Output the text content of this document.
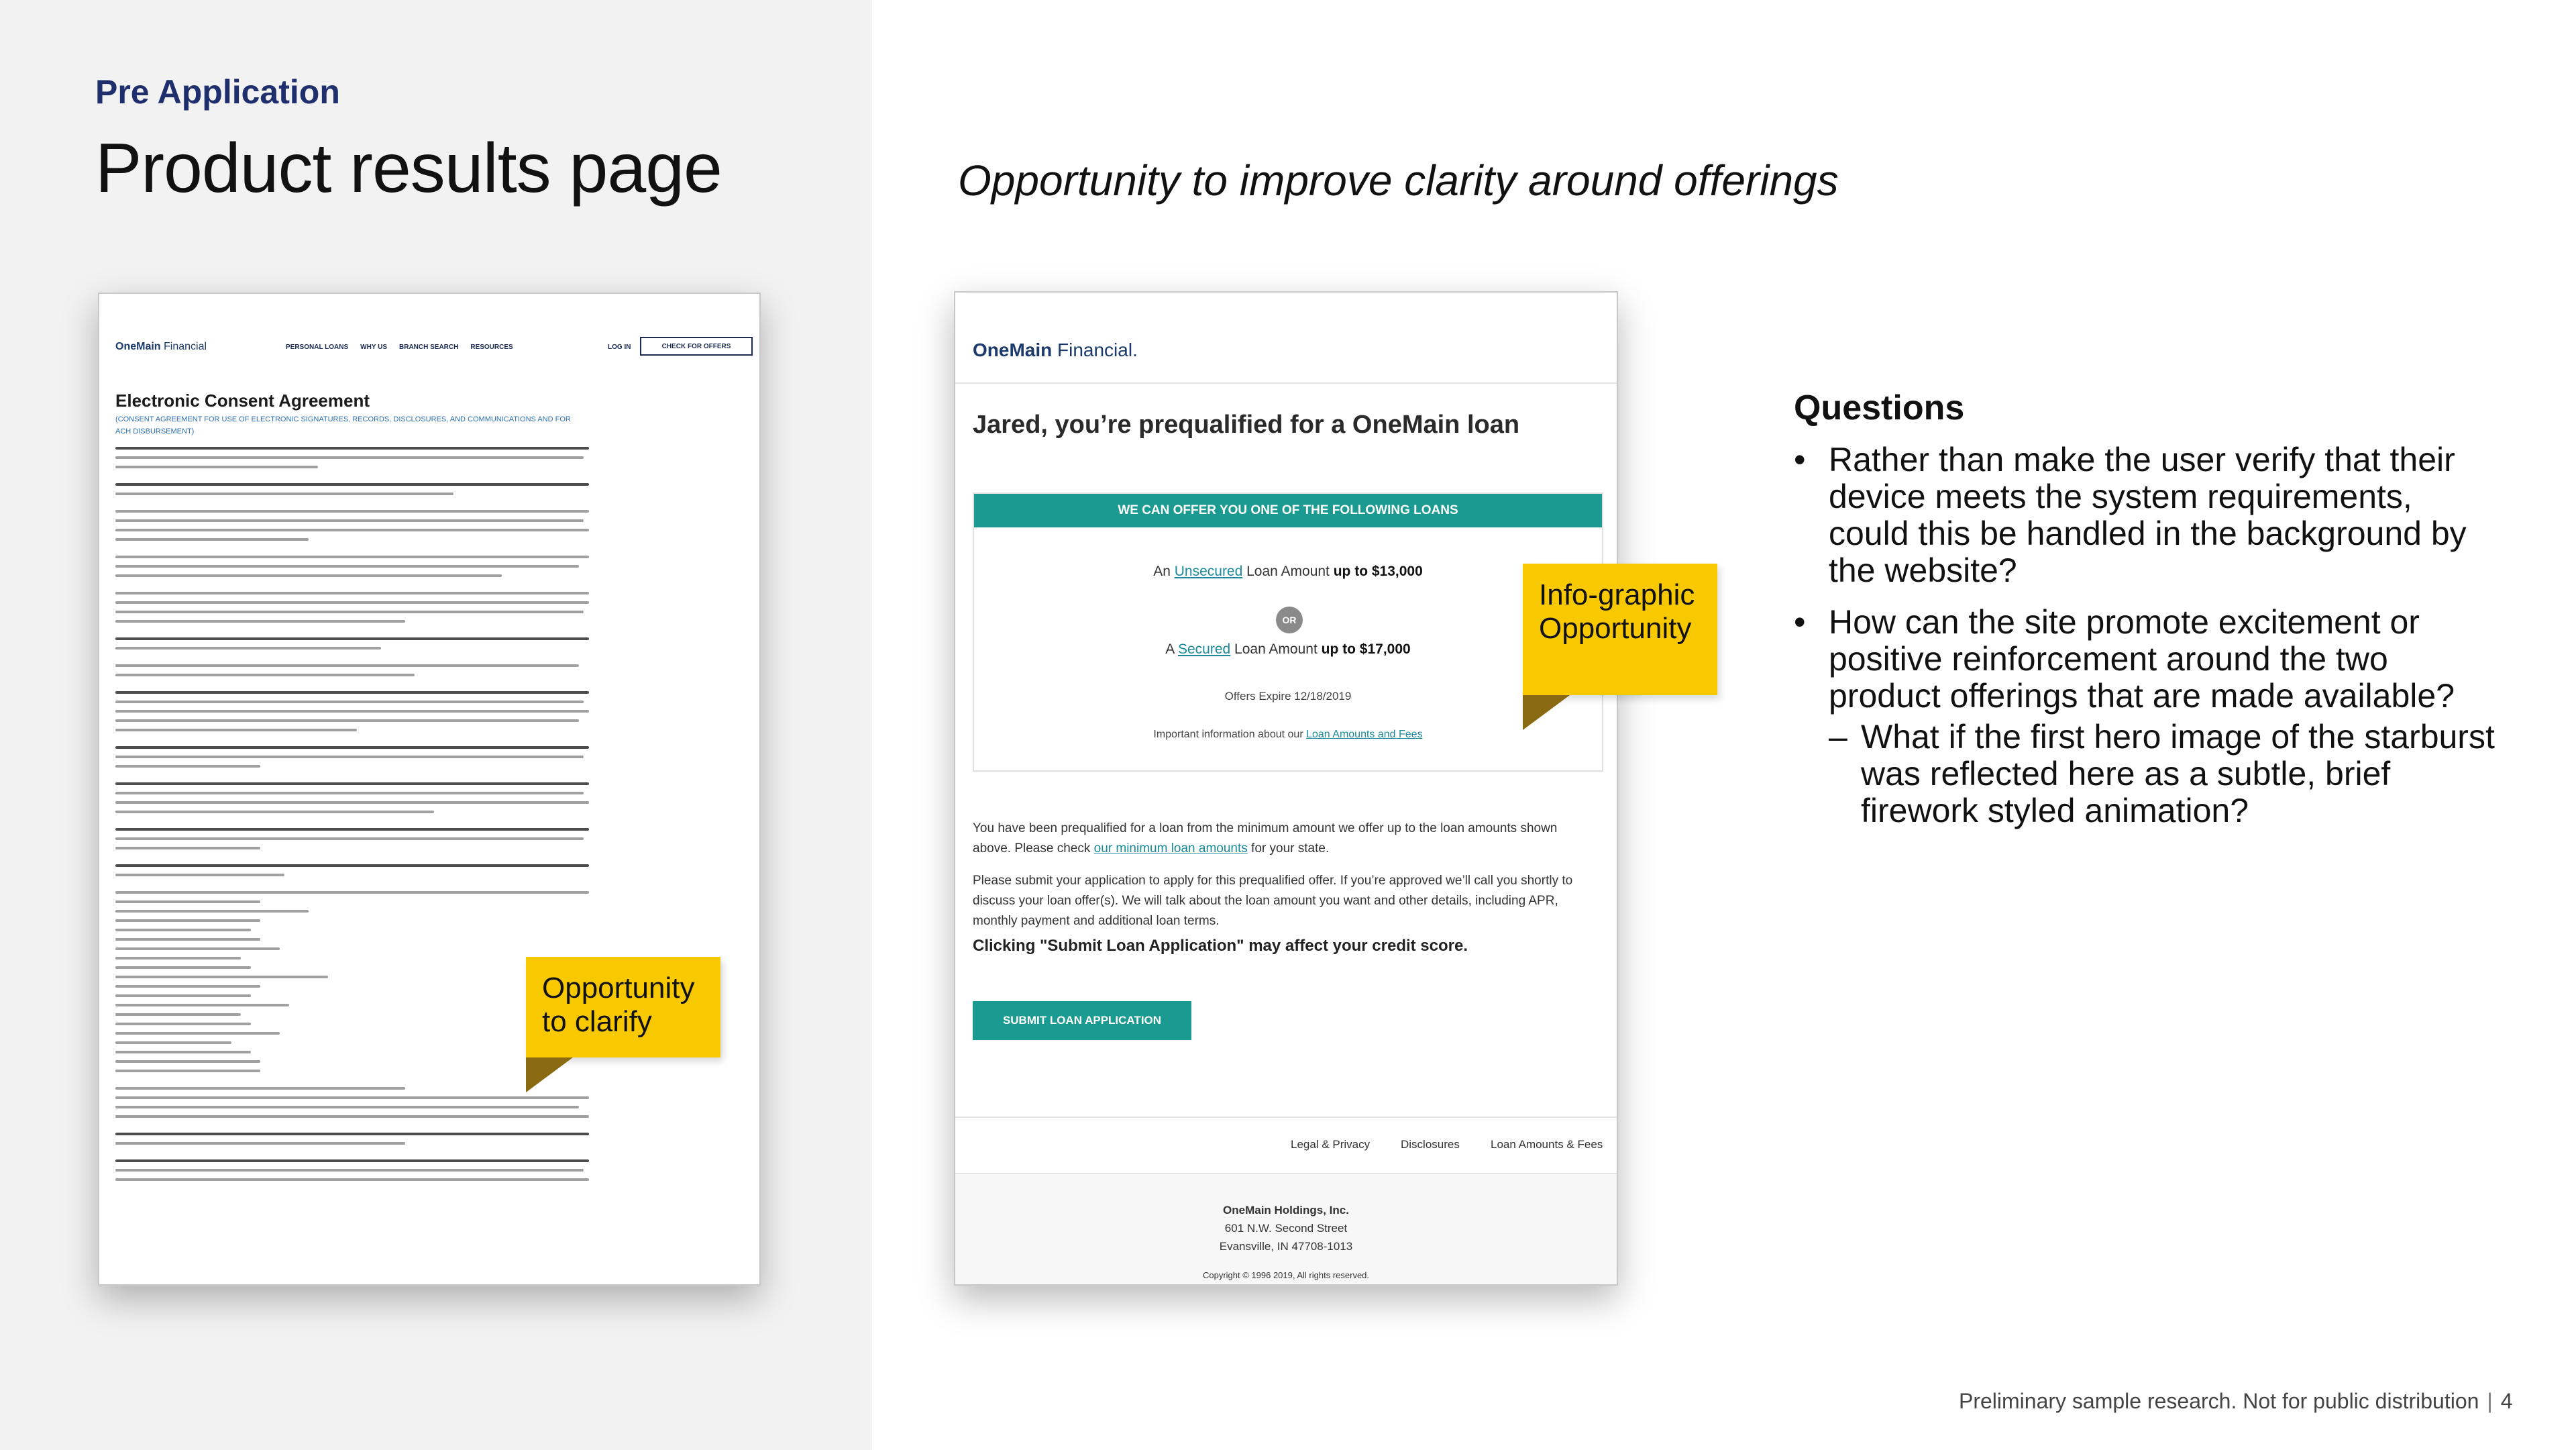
Pre Application
Product results page	Opportunity to improve clarity around offerings
OneMain Financial	PERSONAL LOANS WHY US BRANCH SEARCH RESOURCES	LOG IN	CHECK FOR OFFERS
Electronic Consent Agreement
(CONSENT AGREEMENT FOR USE OF ELECTRONIC SIGNATURES, RECORDS, DISCLOSURES, AND COMMUNICATIONS AND FOR ACH DISBURSEMENT)
OneMain Financial.
Jared, you’re prequalified for a OneMain loan
WE CAN OFFER YOU ONE OF THE FOLLOWING LOANS
An Unsecured Loan Amount up to $13,000
OR
A Secured Loan Amount up to $17,000
Offers Expire 12/18/2019
Important information about our Loan Amounts and Fees
You have been prequalified for a loan from the minimum amount we offer up to the loan amounts shown above. Please check our minimum loan amounts for your state.
Please submit your application to apply for this prequalified offer. If you’re approved we’ll call you shortly to discuss your loan offer(s). We will talk about the loan amount you want and other details, including APR, monthly payment and additional loan terms.
Clicking "Submit Loan Application" may affect your credit score.
SUBMIT LOAN APPLICATION
Legal & Privacy	Disclosures	Loan Amounts & Fees
OneMain Holdings, Inc.
601 N.W. Second Street
Evansville, IN 47708-1013
Copyright © 1996 2019, All rights reserved.
Opportunity
to clarify
Info-graphic
Opportunity
Questions
• Rather than make the user verify that their device meets the system requirements, could this be handled in the background by the website?
• How can the site promote excitement or positive reinforcement around the two product offerings that are made available?
– What if the first hero image of the starburst was reflected here as a subtle, brief firework styled animation?
Preliminary sample research. Not for public distribution | 4
